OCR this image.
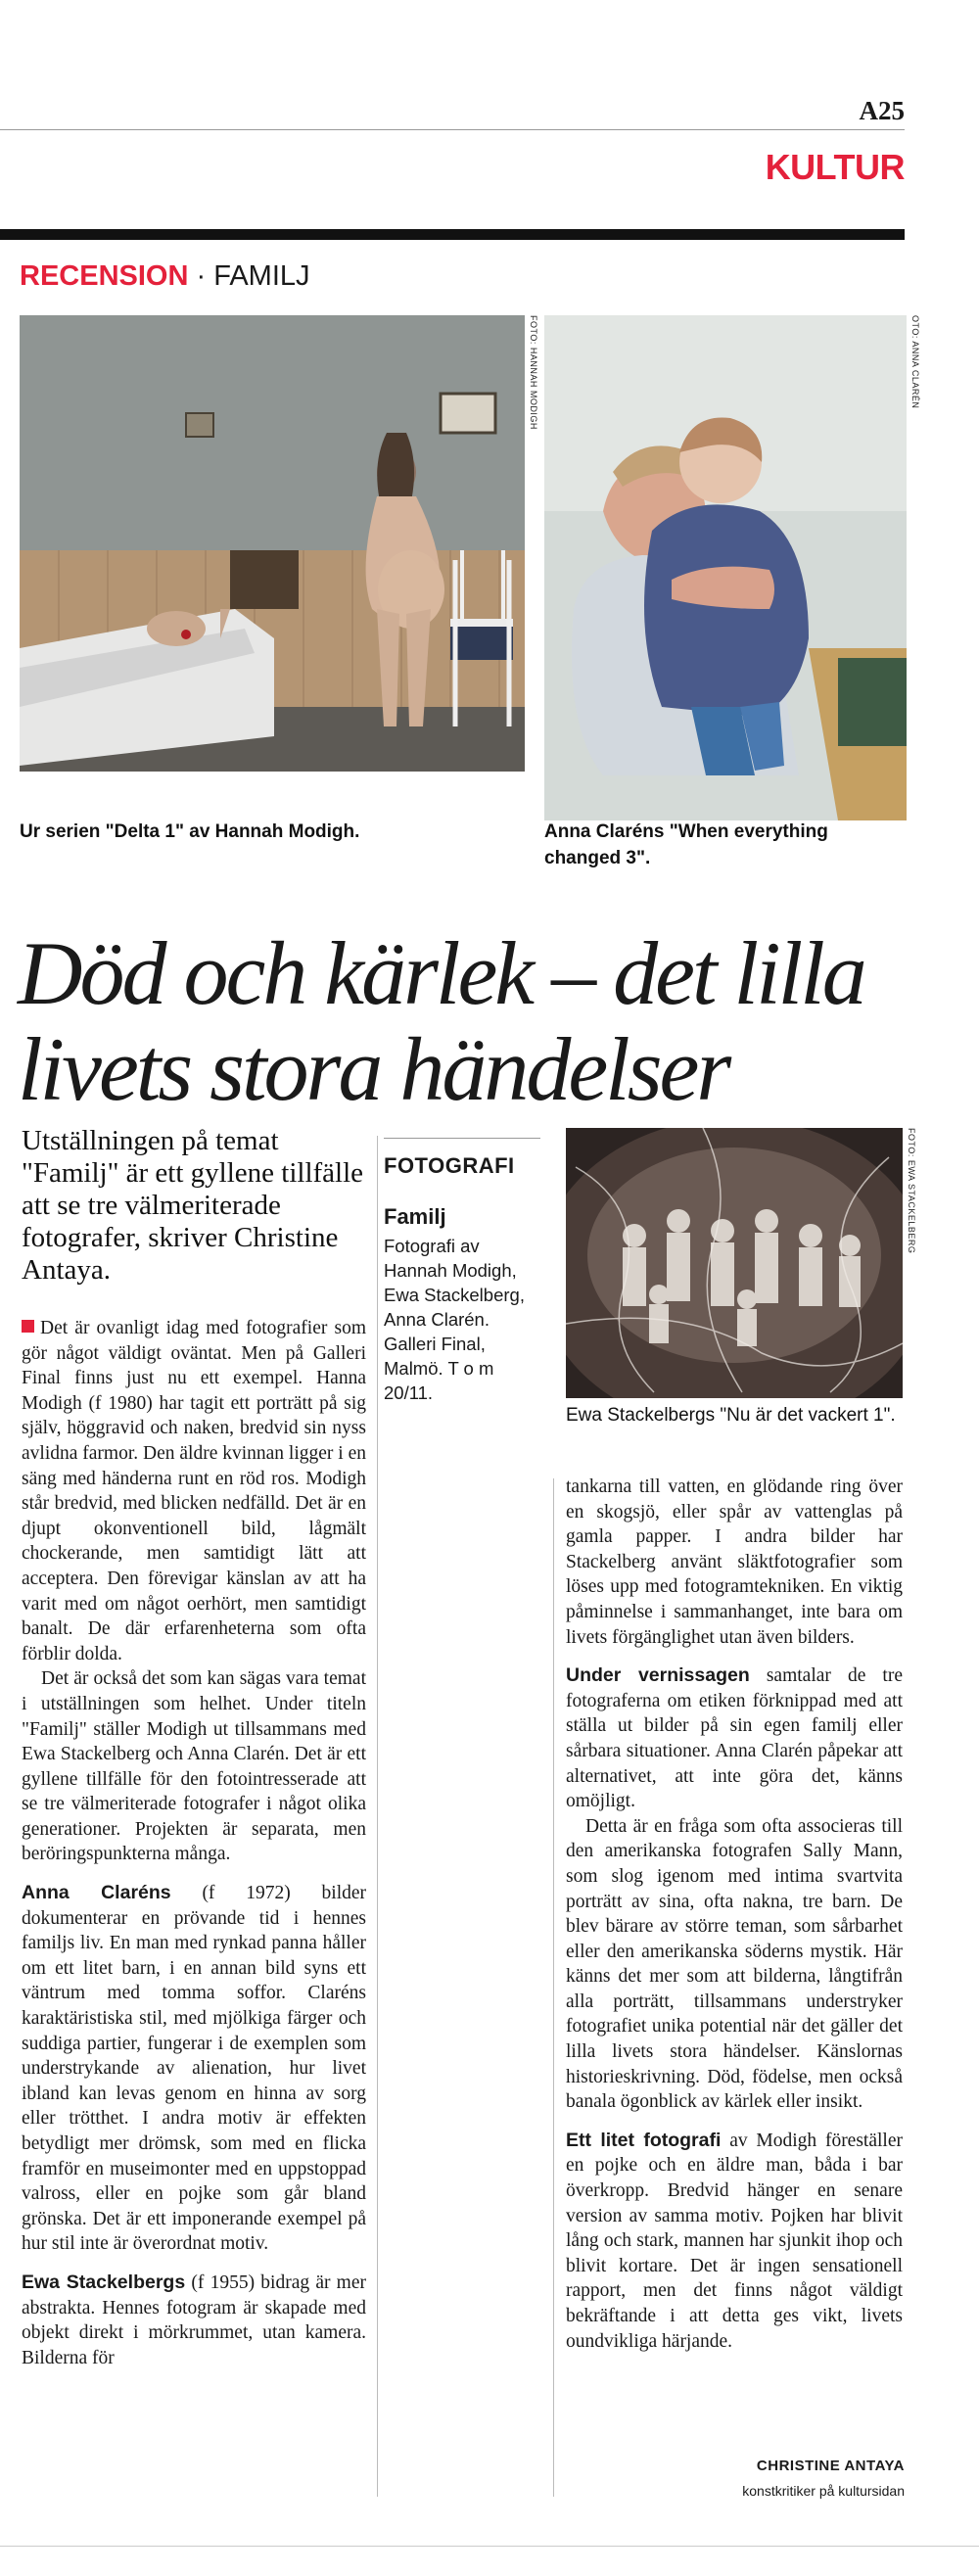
A25
KULTUR
RECENSION · FAMILJ
FOTO: HANNAH MODIGH
Ur serien "Delta 1" av Hannah Modigh.
OTO: ANNA CLARÉN
Anna Claréns "When everything changed 3".
Död och kärlek – det lilla livets stora händelser
Utställningen på temat "Familj" är ett gyllene tillfälle att se tre välmeriterade fotografer, skriver Christine Antaya.

Det är ovanligt idag med fotografier som gör något väldigt oväntat. Men på Galleri Final finns just nu ett exempel. Hanna Modigh (f 1980) har tagit ett porträtt på sig själv, höggravid och naken, bredvid sin nyss avlidna farmor. Den äldre kvinnan ligger i en säng med händerna runt en röd ros. Modigh står bredvid, med blicken nedfälld. Det är en djupt okonventionell bild, lågmält chockerande, men samtidigt lätt att acceptera. Den förevigar känslan av att ha varit med om något oerhört, men samtidigt banalt. De där erfarenheterna som ofta förblir dolda.

Det är också det som kan sägas vara temat i utställningen som helhet. Under titeln "Familj" ställer Modigh ut tillsammans med Ewa Stackelberg och Anna Clarén. Det är ett gyllene tillfälle för den fotointresserade att se tre välmeriterade fotografer i något olika generationer. Projekten är separata, men beröringspunkterna många.

Anna Claréns (f 1972) bilder dokumenterar en prövande tid i hennes familjs liv. En man med rynkad panna håller om ett litet barn, i en annan bild syns ett väntrum med tomma soffor. Claréns karaktäristiska stil, med mjölkiga färger och suddiga partier, fungerar i de exemplen som understrykande av alienation, hur livet ibland kan levas genom en hinna av sorg eller trötthet. I andra motiv är effekten betydligt mer drömsk, som med en flicka framför en museimonter med en uppstoppad valross, eller en pojke som går bland grönska. Det är ett imponerande exempel på hur stil inte är överordnat motiv.

Ewa Stackelbergs (f 1955) bidrag är mer abstrakta. Hennes fotogram är skapade med objekt direkt i mörkrummet, utan kamera. Bilderna för

FOTOGRAFI
Familj
Fotografi av Hannah Modigh, Ewa Stackelberg, Anna Clarén. Galleri Final, Malmö. T o m 20/11.
FOTO: EWA STACKELBERG
Ewa Stackelbergs "Nu är det vackert 1".

tankarna till vatten, en glödande ring över en skogsjö, eller spår av vattenglas på gamla papper. I andra bilder har Stackelberg använt släktfotografier som löses upp med fotogramtekniken. En viktig påminnelse i sammanhanget, inte bara om livets förgänglighet utan även bilders.

Under vernissagen samtalar de tre fotograferna om etiken förknippad med att ställa ut bilder på sin egen familj eller sårbara situationer. Anna Clarén påpekar att alternativet, att inte göra det, känns omöjligt.

Detta är en fråga som ofta associeras till den amerikanska fotografen Sally Mann, som slog igenom med intima svartvita porträtt av sina, ofta nakna, tre barn. De blev bärare av större teman, som sårbarhet eller den amerikanska söderns mystik. Här känns det mer som att bilderna, långtifrån alla porträtt, tillsammans understryker fotografiet unika potential när det gäller det lilla livets stora händelser. Känslornas historieskrivning. Död, födelse, men också banala ögonblick av kärlek eller insikt.

Ett litet fotografi av Modigh föreställer en pojke och en äldre man, båda i bar överkropp. Bredvid hänger en senare version av samma motiv. Pojken har blivit lång och stark, mannen har sjunkit ihop och blivit kortare. Det är ingen sensationell rapport, men det finns något väldigt bekräftande i att detta ges vikt, livets oundvikliga härjande.

CHRISTINE ANTAYA
konstkritiker på kultursidan
